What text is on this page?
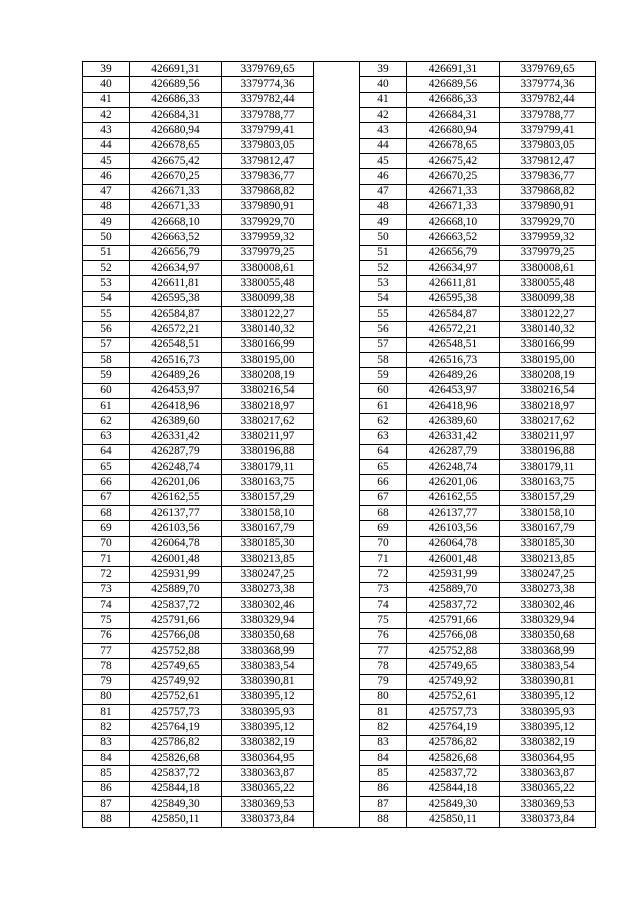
39	426691,31	3379769,65		39	426691,31	3379769,65
40	426689,56	3379774,36		40	426689,56	3379774,36
41	426686,33	3379782,44		41	426686,33	3379782,44
42	426684,31	3379788,77		42	426684,31	3379788,77
43	426680,94	3379799,41		43	426680,94	3379799,41
44	426678,65	3379803,05		44	426678,65	3379803,05
45	426675,42	3379812,47		45	426675,42	3379812,47
46	426670,25	3379836,77		46	426670,25	3379836,77
47	426671,33	3379868,82		47	426671,33	3379868,82
48	426671,33	3379890,91		48	426671,33	3379890,91
49	426668,10	3379929,70		49	426668,10	3379929,70
50	426663,52	3379959,32		50	426663,52	3379959,32
51	426656,79	3379979,25		51	426656,79	3379979,25
52	426634,97	3380008,61		52	426634,97	3380008,61
53	426611,81	3380055,48		53	426611,81	3380055,48
54	426595,38	3380099,38		54	426595,38	3380099,38
55	426584,87	3380122,27		55	426584,87	3380122,27
56	426572,21	3380140,32		56	426572,21	3380140,32
57	426548,51	3380166,99		57	426548,51	3380166,99
58	426516,73	3380195,00		58	426516,73	3380195,00
59	426489,26	3380208,19		59	426489,26	3380208,19
60	426453,97	3380216,54		60	426453,97	3380216,54
61	426418,96	3380218,97		61	426418,96	3380218,97
62	426389,60	3380217,62		62	426389,60	3380217,62
63	426331,42	3380211,97		63	426331,42	3380211,97
64	426287,79	3380196,88		64	426287,79	3380196,88
65	426248,74	3380179,11		65	426248,74	3380179,11
66	426201,06	3380163,75		66	426201,06	3380163,75
67	426162,55	3380157,29		67	426162,55	3380157,29
68	426137,77	3380158,10		68	426137,77	3380158,10
69	426103,56	3380167,79		69	426103,56	3380167,79
70	426064,78	3380185,30		70	426064,78	3380185,30
71	426001,48	3380213,85		71	426001,48	3380213,85
72	425931,99	3380247,25		72	425931,99	3380247,25
73	425889,70	3380273,38		73	425889,70	3380273,38
74	425837,72	3380302,46		74	425837,72	3380302,46
75	425791,66	3380329,94		75	425791,66	3380329,94
76	425766,08	3380350,68		76	425766,08	3380350,68
77	425752,88	3380368,99		77	425752,88	3380368,99
78	425749,65	3380383,54		78	425749,65	3380383,54
79	425749,92	3380390,81		79	425749,92	3380390,81
80	425752,61	3380395,12		80	425752,61	3380395,12
81	425757,73	3380395,93		81	425757,73	3380395,93
82	425764,19	3380395,12		82	425764,19	3380395,12
83	425786,82	3380382,19		83	425786,82	3380382,19
84	425826,68	3380364,95		84	425826,68	3380364,95
85	425837,72	3380363,87		85	425837,72	3380363,87
86	425844,18	3380365,22		86	425844,18	3380365,22
87	425849,30	3380369,53		87	425849,30	3380369,53
88	425850,11	3380373,84		88	425850,11	3380373,84
